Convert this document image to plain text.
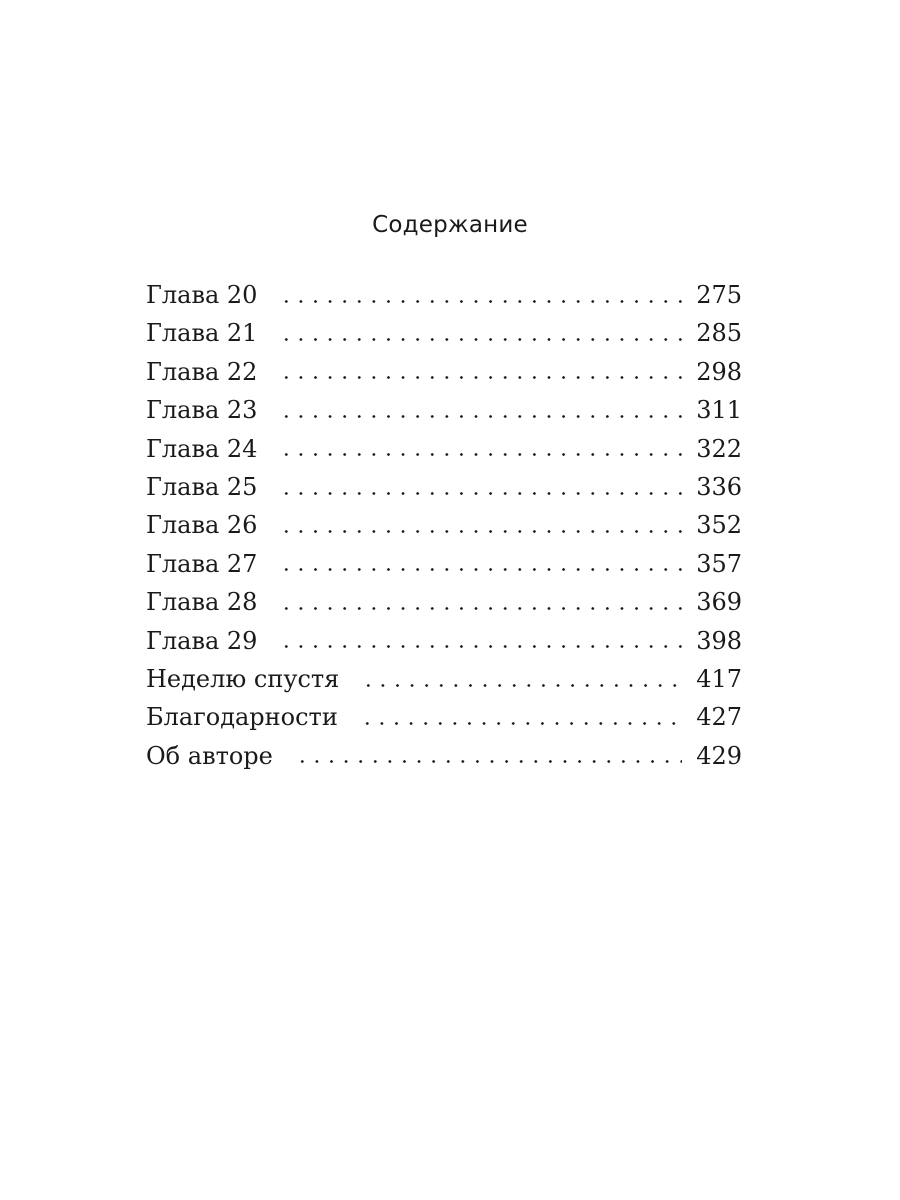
Содержание
Глава 20	275
Глава 21	285
Глава 22	298
Глава 23	311
Глава 24	322
Глава 25	336
Глава 26	352
Глава 27	357
Глава 28	369
Глава 29	398
Неделю спустя	417
Благодарности	427
Об авторе	429
